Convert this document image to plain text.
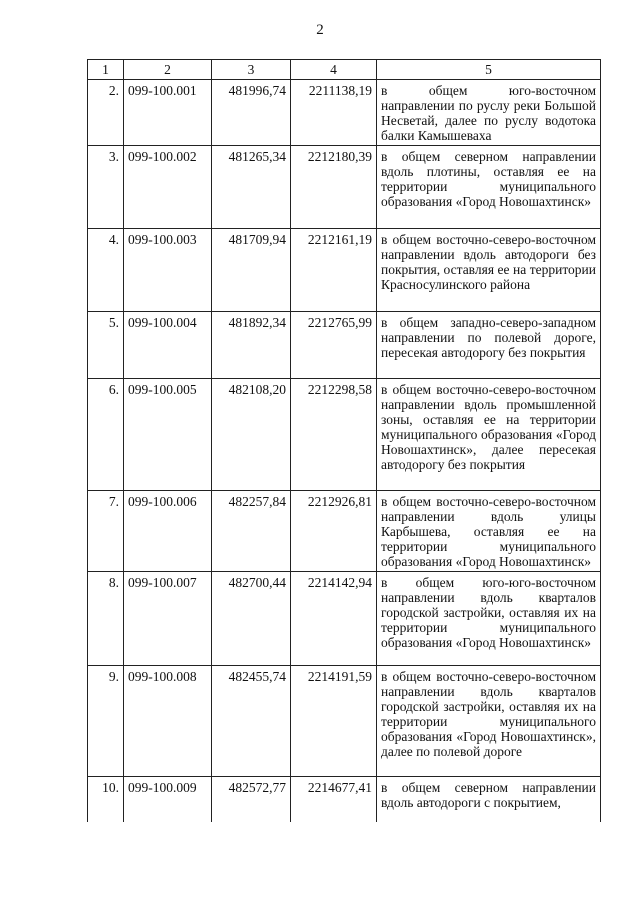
2
1	2	3	4	5
2.	099-100.001	481996,74	2211138,19	в общем юго-восточном направлении по руслу реки Большой Несветай, далее по руслу водотока балки Камышеваха
3.	099-100.002	481265,34	2212180,39	в общем северном направлении вдоль плотины, оставляя ее на территории муниципального образования «Город Новошахтинск»
4.	099-100.003	481709,94	2212161,19	в общем восточно-северо-восточном направлении вдоль автодороги без покрытия, оставляя ее на территории Красносулинского района
5.	099-100.004	481892,34	2212765,99	в общем западно-северо-западном направлении по полевой дороге, пересекая автодорогу без покрытия
6.	099-100.005	482108,20	2212298,58	в общем восточно-северо-восточном направлении вдоль промышленной зоны, оставляя ее на территории муниципального образования «Город Новошахтинск», далее пересекая автодорогу без покрытия
7.	099-100.006	482257,84	2212926,81	в общем восточно-северо-восточном направлении вдоль улицы Карбышева, оставляя ее на территории муниципального образования «Город Новошахтинск»
8.	099-100.007	482700,44	2214142,94	в общем юго-юго-восточном направлении вдоль кварталов городской застройки, оставляя их на территории муниципального образования «Город Новошахтинск»
9.	099-100.008	482455,74	2214191,59	в общем восточно-северо-восточном направлении вдоль кварталов городской застройки, оставляя их на территории муниципального образования «Город Новошахтинск», далее по полевой дороге
10.	099-100.009	482572,77	2214677,41	в общем северном направлении вдоль автодороги с покрытием,
